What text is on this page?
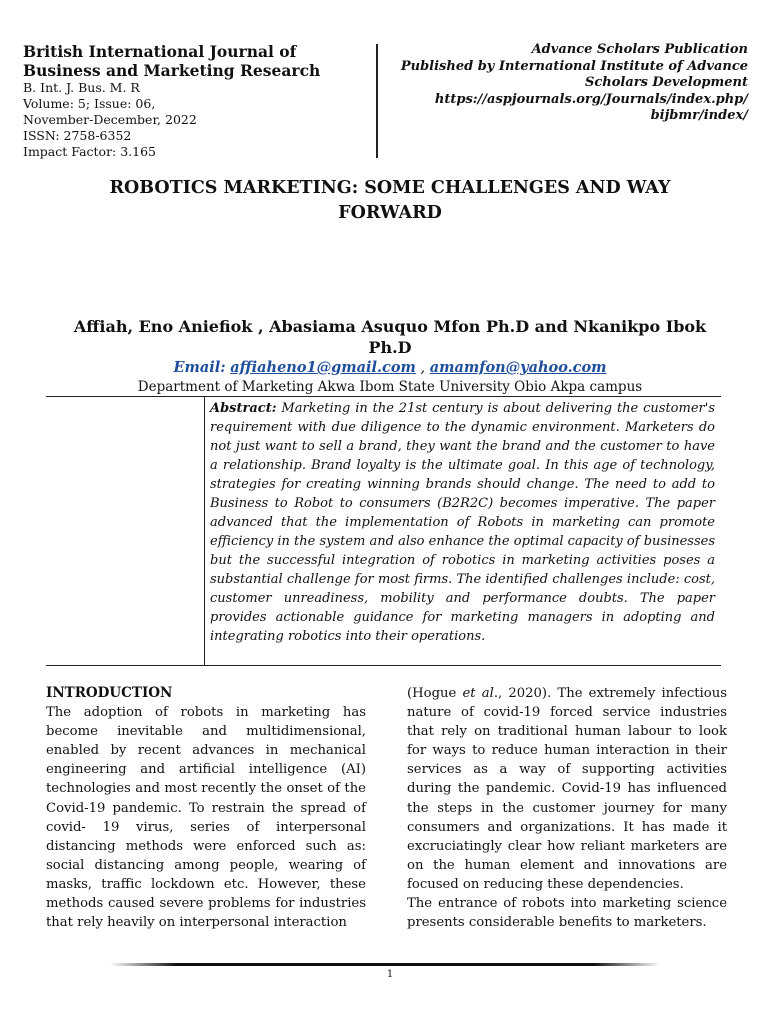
British International Journal of
Business and Marketing Research
B. Int. J. Bus. M. R
Volume: 5; Issue: 06,
November-December, 2022
ISSN: 2758-6352
Impact Factor: 3.165
Advance Scholars Publication
Published by International Institute of Advance
Scholars Development
https://aspjournals.org/Journals/index.php/
bijbmr/index/
ROBOTICS MARKETING: SOME CHALLENGES AND WAY
FORWARD
Affiah, Eno Aniefiok , Abasiama Asuquo Mfon Ph.D and Nkanikpo Ibok
Ph.D
Email: affiaheno1@gmail.com , amamfon@yahoo.com
Department of Marketing Akwa Ibom State University Obio Akpa campus
Abstract: Marketing in the 21st century is about delivering the customer's requirement with due diligence to the dynamic environment. Marketers do not just want to sell a brand, they want the brand and the customer to have a relationship. Brand loyalty is the ultimate goal. In this age of technology, strategies for creating winning brands should change. The need to add to Business to Robot to consumers (B2R2C) becomes imperative. The paper advanced that the implementation of Robots in marketing can promote efficiency in the system and also enhance the optimal capacity of businesses but the successful integration of robotics in marketing activities poses a substantial challenge for most firms. The identified challenges include: cost, customer unreadiness, mobility and performance doubts. The paper provides actionable guidance for marketing managers in adopting and integrating robotics into their operations.
INTRODUCTION

The adoption of robots in marketing has become inevitable and multidimensional, enabled by recent advances in mechanical engineering and artificial intelligence (AI) technologies and most recently the onset of the Covid-19 pandemic. To restrain the spread of covid- 19 virus, series of interpersonal distancing methods were enforced such as: social distancing among people, wearing of masks, traffic lockdown etc. However, these methods caused severe problems for industries that rely heavily on interpersonal interaction

(Hogue et al., 2020). The extremely infectious nature of covid-19 forced service industries that rely on traditional human labour to look for ways to reduce human interaction in their services as a way of supporting activities during the pandemic. Covid-19 has influenced the steps in the customer journey for many consumers and organizations. It has made it excruciatingly clear how reliant marketers are on the human element and innovations are focused on reducing these dependencies.

The entrance of robots into marketing science presents considerable benefits to marketers.

1
